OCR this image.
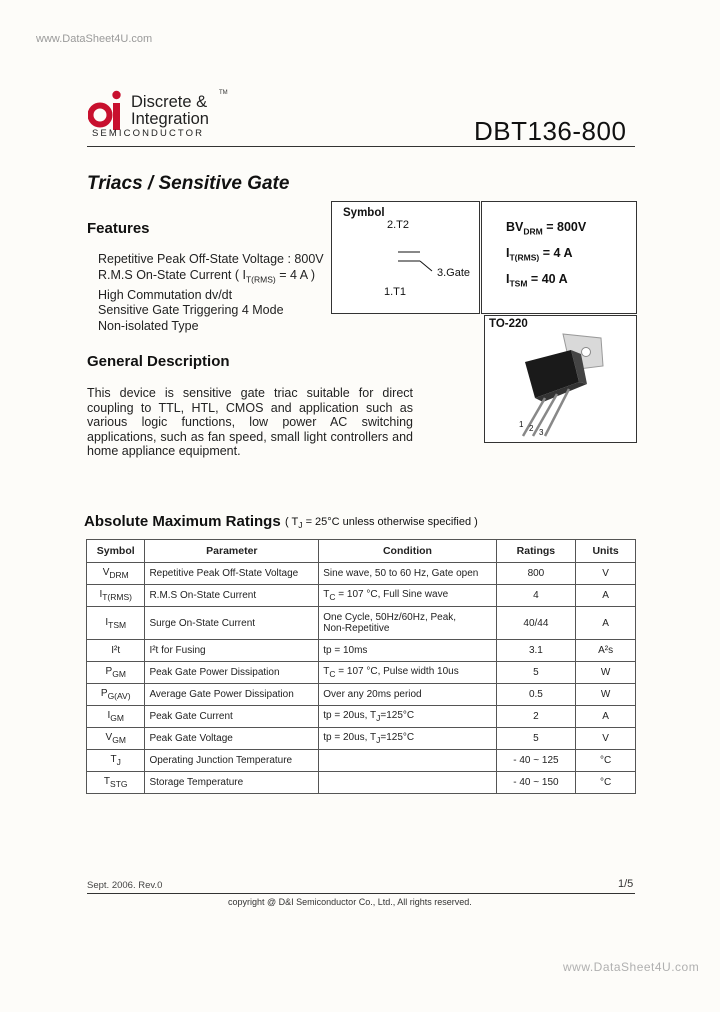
www.DataSheet4U.com
Discrete &
Integration
TM
SEMICONDUCTOR	DBT136-800
Triacs / Sensitive Gate
Features
Repetitive Peak Off-State Voltage : 800V
R.M.S On-State Current ( $I_{T(RMS)} = 4$ A )
High Commutation dv/dt
Sensitive Gate Triggering 4 Mode
Non-isolated Type
General Description
This device is sensitive gate triac suitable for direct coupling to TTL, HTL, CMOS and application such as various logic functions, low power AC switching applications, such as fan speed, small light controllers and home appliance equipment.
Symbol
2.T2
3.Gate
1.T1
$BV_{DRM} = 800V$
$I_{T(RMS)} = 4$ A
$I_{TSM} = 40$ A
TO-220
1 2 3
Absolute Maximum Ratings ( $T_J = 25^\circ C$ unless otherwise specified )
Symbol	Parameter	Condition	Ratings	Units
$V_{DRM}$	Repetitive Peak Off-State Voltage	Sine wave, 50 to 60 Hz, Gate open	800	V
$I_{T(RMS)}$	R.M.S On-State Current	$T_C = 107$ °C, Full Sine wave	4	A
$I_{TSM}$	Surge On-State Current	One Cycle, 50Hz/60Hz, Peak,
Non-Repetitive	40/44	A
I²t	I²t for Fusing	tp = 10ms	3.1	A²s
$P_{GM}$	Peak Gate Power Dissipation	$T_C = 107$ °C, Pulse width 10us	5	W
$P_{G(AV)}$	Average Gate Power Dissipation	Over any 20ms period	0.5	W
$I_{GM}$	Peak Gate Current	tp = 20us, $T_J=125^\circ C$	2	A
$V_{GM}$	Peak Gate Voltage	tp = 20us, $T_J=125^\circ C$	5	V
$T_J$	Operating Junction Temperature		- 40 ~ 125	°C
$T_{STG}$	Storage Temperature		- 40 ~ 150	°C
Sept. 2006. Rev.0	1/5
copyright @ D&I Semiconductor Co., Ltd., All rights reserved.
www.DataSheet4U.com
